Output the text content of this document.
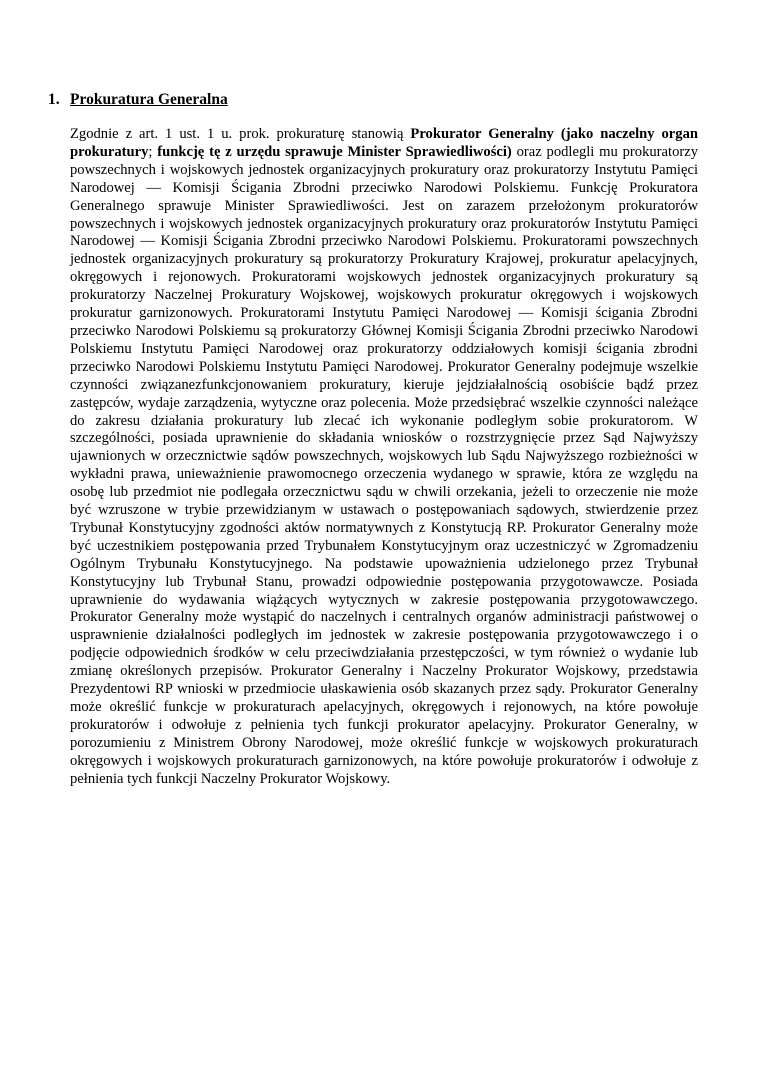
1. Prokuratura Generalna

Zgodnie z art. 1 ust. 1 u. prok. prokuraturę stanowią Prokurator Generalny (jako naczelny organ prokuratury; funkcję tę z urzędu sprawuje Minister Sprawiedliwości) oraz podlegli mu prokuratorzy powszechnych i wojskowych jednostek organizacyjnych prokuratury oraz prokuratorzy Instytutu Pamięci Narodowej — Komisji Ścigania Zbrodni przeciwko Narodowi Polskiemu. Funkcję Prokuratora Generalnego sprawuje Minister Sprawiedliwości. Jest on zarazem przełożonym prokuratorów powszechnych i wojskowych jednostek organizacyjnych prokuratury oraz prokuratorów Instytutu Pamięci Narodowej — Komisji Ścigania Zbrodni przeciwko Narodowi Polskiemu. Prokuratorami powszechnych jednostek organizacyjnych prokuratury są prokuratorzy Prokuratury Krajowej, prokuratur apelacyjnych, okręgowych i rejonowych. Prokuratorami wojskowych jednostek organizacyjnych prokuratury są prokuratorzy Naczelnej Prokuratury Wojskowej, wojskowych prokuratur okręgowych i wojskowych prokuratur garnizonowych. Prokuratorami Instytutu Pamięci Narodowej — Komisji ścigania Zbrodni przeciwko Narodowi Polskiemu są prokuratorzy Głównej Komisji Ścigania Zbrodni przeciwko Narodowi Polskiemu Instytutu Pamięci Narodowej oraz prokuratorzy oddziałowych komisji ścigania zbrodni przeciwko Narodowi Polskiemu Instytutu Pamięci Narodowej. Prokurator Generalny podejmuje wszelkie czynności związanezfunkcjonowaniem prokuratury, kieruje jejdziałalnością osobiście bądź przez zastępców, wydaje zarządzenia, wytyczne oraz polecenia. Może przedsiębrać wszelkie czynności należące do zakresu działania prokuratury lub zlecać ich wykonanie podległym sobie prokuratorom. W szczególności, posiada uprawnienie do składania wniosków o rozstrzygnięcie przez Sąd Najwyższy ujawnionych w orzecznictwie sądów powszechnych, wojskowych lub Sądu Najwyższego rozbieżności w wykładni prawa, unieważnienie prawomocnego orzeczenia wydanego w sprawie, która ze względu na osobę lub przedmiot nie podlegała orzecznictwu sądu w chwili orzekania, jeżeli to orzeczenie nie może być wzruszone w trybie przewidzianym w ustawach o postępowaniach sądowych, stwierdzenie przez Trybunał Konstytucyjny zgodności aktów normatywnych z Konstytucją RP. Prokurator Generalny może być uczestnikiem postępowania przed Trybunałem Konstytucyjnym oraz uczestniczyć w Zgromadzeniu Ogólnym Trybunału Konstytucyjnego. Na podstawie upoważnienia udzielonego przez Trybunał Konstytucyjny lub Trybunał Stanu, prowadzi odpowiednie postępowania przygotowawcze. Posiada uprawnienie do wydawania wiążących wytycznych w zakresie postępowania przygotowawczego. Prokurator Generalny może wystąpić do naczelnych i centralnych organów administracji państwowej o usprawnienie działalności podległych im jednostek w zakresie postępowania przygotowawczego i o podjęcie odpowiednich środków w celu przeciwdziałania przestępczości, w tym również o wydanie lub zmianę określonych przepisów. Prokurator Generalny i Naczelny Prokurator Wojskowy, przedstawia Prezydentowi RP wnioski w przedmiocie ułaskawienia osób skazanych przez sądy. Prokurator Generalny może określić funkcje w prokuraturach apelacyjnych, okręgowych i rejonowych, na które powołuje prokuratorów i odwołuje z pełnienia tych funkcji prokurator apelacyjny. Prokurator Generalny, w porozumieniu z Ministrem Obrony Narodowej, może określić funkcje w wojskowych prokuraturach okręgowych i wojskowych prokuraturach garnizonowych, na które powołuje prokuratorów i odwołuje z pełnienia tych funkcji Naczelny Prokurator Wojskowy.
